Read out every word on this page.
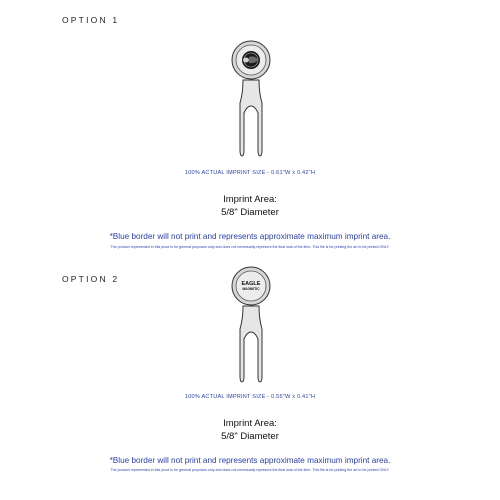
OPTION 1
100% ACTUAL IMPRINT SIZE - 0.61"W x 0.42"H
Imprint Area:
5/8" Diameter
*Blue border will not print and represents approximate maximum imprint area.
The product represented in this proof is for general purposes only and does not necessarily represent the final look of the item. This file is for printing the art to be printed ONLY.
OPTION 2	EAGLE
MAGNETIC
100% ACTUAL IMPRINT SIZE - 0.55"W x 0.41"H
Imprint Area:
5/8" Diameter
*Blue border will not print and represents approximate maximum imprint area.
The product represented in this proof is for general purposes only and does not necessarily represent the final look of the item. This file is for printing the art to be printed ONLY.
